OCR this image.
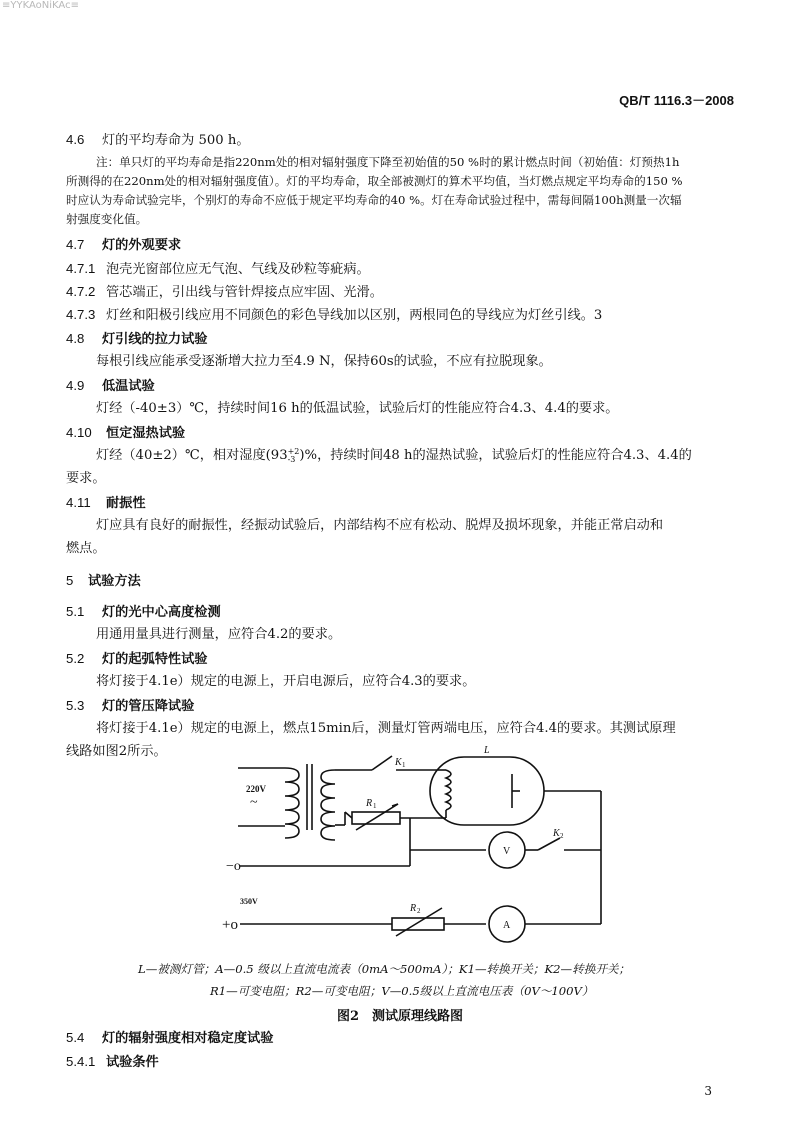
≡YYKAoNiKAc≡
QB/T 1116.3－2008
4.6 灯的平均寿命为 500 h。
注：单只灯的平均寿命是指220nm处的相对辐射强度下降至初始值的50 %时的累计燃点时间（初始值：灯预热1h
所测得的在220nm处的相对辐射强度值）。灯的平均寿命，取全部被测灯的算术平均值，当灯燃点规定平均寿命的150 %
时应认为寿命试验完毕，个别灯的寿命不应低于规定平均寿命的40 %。灯在寿命试验过程中，需每间隔100h测量一次辐
射强度变化值。
4.7 灯的外观要求
4.7.1 泡壳光窗部位应无气泡、气线及砂粒等疵病。
4.7.2 管芯端正，引出线与管针焊接点应牢固、光滑。
4.7.3 灯丝和阳极引线应用不同颜色的彩色导线加以区别，两根同色的导线应为灯丝引线。3
4.8 灯引线的拉力试验
每根引线应能承受逐渐增大拉力至4.9 N，保持60s的试验，不应有拉脱现象。
4.9 低温试验
灯经（-40±3）℃，持续时间16 h的低温试验，试验后灯的性能应符合4.3、4.4的要求。
4.10 恒定湿热试验
灯经（40±2）℃，相对湿度(93 +2
-3 )%，持续时间48 h的湿热试验，试验后灯的性能应符合4.3、4.4的
要求。
4.11 耐振性
灯应具有良好的耐振性，经振动试验后，内部结构不应有松动、脱焊及损坏现象，并能正常启动和
燃点。
5 试验方法
5.1 灯的光中心高度检测
用通用量具进行测量，应符合4.2的要求。
5.2 灯的起弧特性试验
将灯接于4.1e）规定的电源上，开启电源后，应符合4.3的要求。
5.3 灯的管压降试验
将灯接于4.1e）规定的电源上，燃点15min后，测量灯管两端电压，应符合4.4的要求。其测试原理
线路如图2所示。
220V
~
350V
−o
+o
K 1
K 2
R 1
R 2
L
V
A
L—被测灯管；A—0.5 级以上直流电流表（0mA～500mA）；K1—转换开关；K2—转换开关；
R1—可变电阻；R2—可变电阻；V—0.5级以上直流电压表（0V～100V）
图2　测试原理线路图
5.4 灯的辐射强度相对稳定度试验
5.4.1 试验条件
3
